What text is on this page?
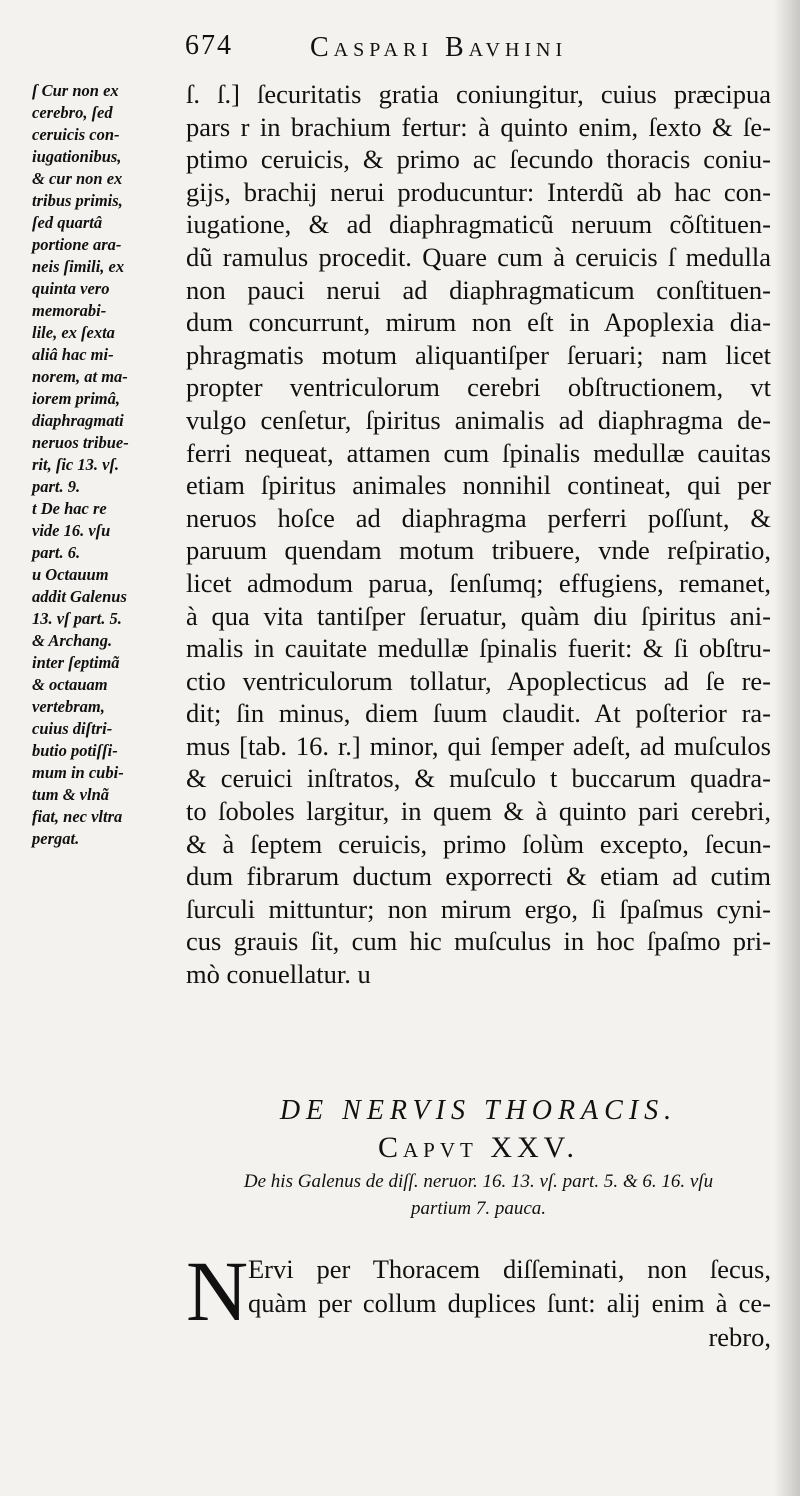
674	Caspari Bavhini
ſ Cur non ex
cerebro, ſed
ceruicis con-
iugationibus,
& cur non ex
tribus primis,
ſed quartâ
portione ara-
neis ſimili, ex
quinta vero
memorabi-
lile, ex ſexta
aliâ hac mi-
norem, at ma-
iorem primâ,
diaphragmati
neruos tribue-
rit, ſic 13. vſ.
part. 9.
t De hac re
vide 16. vſu
part. 6.
u Octauum
addit Galenus
13. vſ part. 5.
& Archang.
inter ſeptimã
& octauam
vertebram,
cuius diſtri-
butio potiſſi-
mum in cubi-
tum & vlnã
fiat, nec vltra
pergat.
ſ. ſ.] ſecuritatis gratia coniungitur, cuius præcipua
pars r in brachium fertur: à quinto enim, ſexto & ſe-
ptimo ceruicis, & primo ac ſecundo thoracis coniu-
gijs, brachij nerui producuntur: Interdũ ab hac con-
iugatione, & ad diaphragmaticũ neruum cõſtituen-
dũ ramulus procedit. Quare cum à ceruicis ſ medulla
non pauci nerui ad diaphragmaticum conſtituen-
dum concurrunt, mirum non eſt in Apoplexia dia-
phragmatis motum aliquantiſper ſeruari; nam licet
propter ventriculorum cerebri obſtructionem, vt
vulgo cenſetur, ſpiritus animalis ad diaphragma de-
ferri nequeat, attamen cum ſpinalis medullæ cauitas
etiam ſpiritus animales nonnihil contineat, qui per
neruos hoſce ad diaphragma perferri poſſunt, &
paruum quendam motum tribuere, vnde reſpiratio,
licet admodum parua, ſenſumq; effugiens, remanet,
à qua vita tantiſper ſeruatur, quàm diu ſpiritus ani-
malis in cauitate medullæ ſpinalis fuerit: & ſi obſtru-
ctio ventriculorum tollatur, Apoplecticus ad ſe re-
dit; ſin minus, diem ſuum claudit. At poſterior ra-
mus [tab. 16. r.] minor, qui ſemper adeſt, ad muſculos
& ceruici inſtratos, & muſculo t buccarum quadra-
to ſoboles largitur, in quem & à quinto pari cerebri,
& à ſeptem ceruicis, primo ſolùm excepto, ſecun-
dum fibrarum ductum exporrecti & etiam ad cutim
ſurculi mittuntur; non mirum ergo, ſi ſpaſmus cyni-
cus grauis ſit, cum hic muſculus in hoc ſpaſmo pri-
mò conuellatur. u
DE NERVIS THORACIS.
Capvt XXV.
De his Galenus de diſſ. neruor. 16. 13. vſ. part. 5. & 6. 16. vſu
partium 7. pauca.
N Ervi per Thoracem diſſeminati, non ſecus,
quàm per collum duplices ſunt: alij enim à ce-
rebro,
